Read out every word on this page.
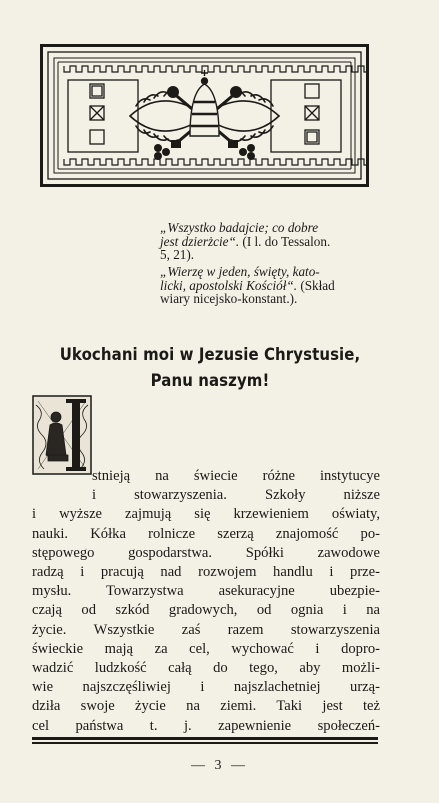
„Wszystko badajcie; co dobre
jest dzierżcie“. (I l. do Tessalon.
5, 21).
„Wierzę w jeden, święty, kato-
licki, apostolski Kościół“. (Skład
wiary nicejsko-konstant.).
Ukochani moi w Jezusie Chrystusie,
Panu naszym!
stnieją na świecie różne instytucye
i stowarzyszenia. Szkoły niższe
i wyższe zajmują się krzewieniem oświaty,
nauki. Kółka rolnicze szerzą znajomość po-
stępowego gospodarstwa. Spółki zawodowe
radzą i pracują nad rozwojem handlu i prze-
mysłu. Towarzystwa asekuracyjne ubezpie-
czają od szkód gradowych, od ognia i na
życie. Wszystkie zaś razem stowarzyszenia
świeckie mają za cel, wychować i dopro-
wadzić ludzkość całą do tego, aby możli-
wie najszczęśliwiej i najszlachetniej urzą-
dziła swoje życie na ziemi. Taki jest też
cel państwa t. j. zapewnienie społeczeń-
— 3 —
